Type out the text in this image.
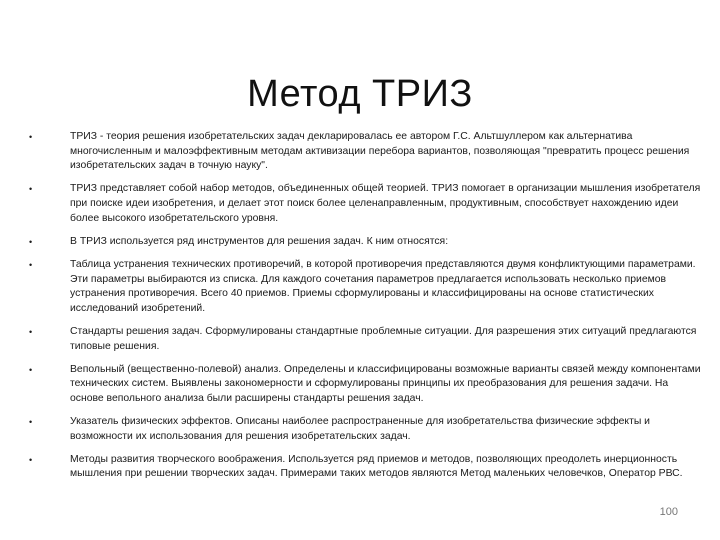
Метод ТРИЗ
•	ТРИЗ - теория решения изобретательских задач декларировалась ее автором Г.С. Альтшуллером как альтернатива многочисленным и малоэффективным методам активизации перебора вариантов, позволяющая "превратить процесс решения изобретательских задач в точную науку".
•	ТРИЗ представляет собой набор методов, объединенных общей теорией. ТРИЗ помогает в организации мышления изобретателя при поиске идеи изобретения, и делает этот поиск более целенаправленным, продуктивным, способствует нахождению идеи более высокого изобретательского уровня.
•	В ТРИЗ используется ряд инструментов для решения задач. К ним относятся:
•	Таблица устранения технических противоречий, в которой противоречия представляются двумя конфликтующими параметрами. Эти параметры выбираются из списка. Для каждого сочетания параметров предлагается использовать несколько приемов устранения противоречия. Всего 40 приемов. Приемы сформулированы и классифицированы на основе статистических исследований изобретений.
•	Стандарты решения задач. Сформулированы стандартные проблемные ситуации. Для разрешения этих ситуаций предлагаются типовые решения.
•	Вепольный (вещественно-полевой) анализ. Определены и классифицированы возможные варианты связей между компонентами технических систем. Выявлены закономерности и сформулированы принципы их преобразования для решения задачи. На основе вепольного анализа были расширены стандарты решения задач.
•	Указатель физических эффектов. Описаны наиболее распространенные для изобретательства физические эффекты и возможности их использования для решения изобретательских задач.
•	Методы развития творческого воображения. Используется ряд приемов и методов, позволяющих преодолеть инерционность мышления при решении творческих задач. Примерами таких методов являются Метод маленьких человечков, Оператор РВС.
100
